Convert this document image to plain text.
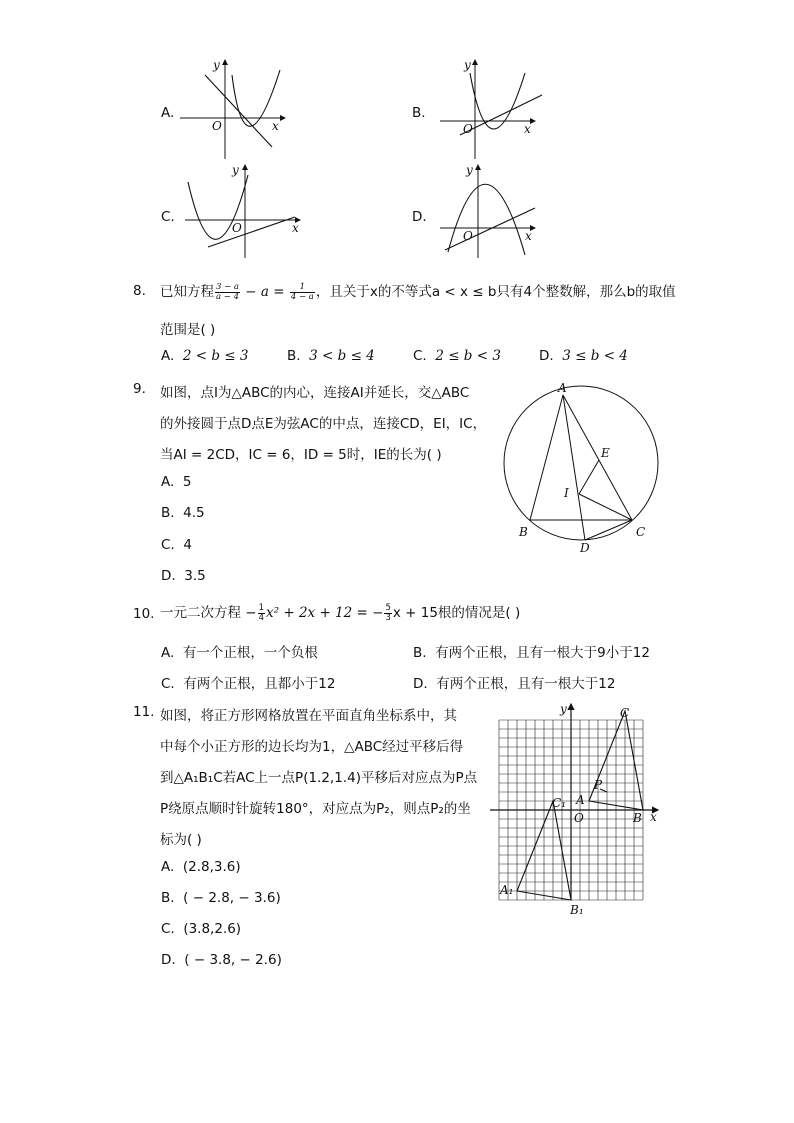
A.
O	x
y
B.
O	x
y
C.
O	x
y
D.
O	x
y
8. 已知方程 $\frac{3 - a}{a - 4} - a = \frac{1}{4 - a}$ ，且关于x的不等式a < x ≤ b只有4个整数解，那么b的取值
范围是( )
A. 2 < b ≤ 3	B. 3 < b ≤ 4	C. 2 ≤ b < 3	D. 3 ≤ b < 4
9. 如图，点I为△ABC的内心，连接AI并延长，交△ABC
的外接圆于点D点E为弦AC的中点，连接CD，EI，IC，
当AI = 2CD，IC = 6，ID = 5时，IE的长为( )
A. 5
B. 4.5
C. 4
D. 3.5
A
B	C
D
E
I
10. 一元二次方程 − $\frac{1}{4} x^2 + 2x + 12$ = − $\frac{5}{3}$ x + 15根的情况是( )
A. 有一个正根，一个负根	B. 有两个正根，且有一根大于9小于12
C. 有两个正根，且都小于12	D. 有两个正根，且有一根大于12
11. 如图，将正方形网格放置在平面直角坐标系中，其
中每个小正方形的边长均为1，△ABC经过平移后得
到△A₁B₁C若AC上一点P(1.2,1.4)平移后对应点为P点
P绕原点顺时针旋转180°，对应点为P₂，则点P₂的坐
标为( )
A. (2.8,3.6)
B. ( − 2.8, − 3.6)
C. (3.8,2.6)
D. ( − 3.8, − 2.6)
C
A
B
P
O	x
y
C₁
A₁
B₁
